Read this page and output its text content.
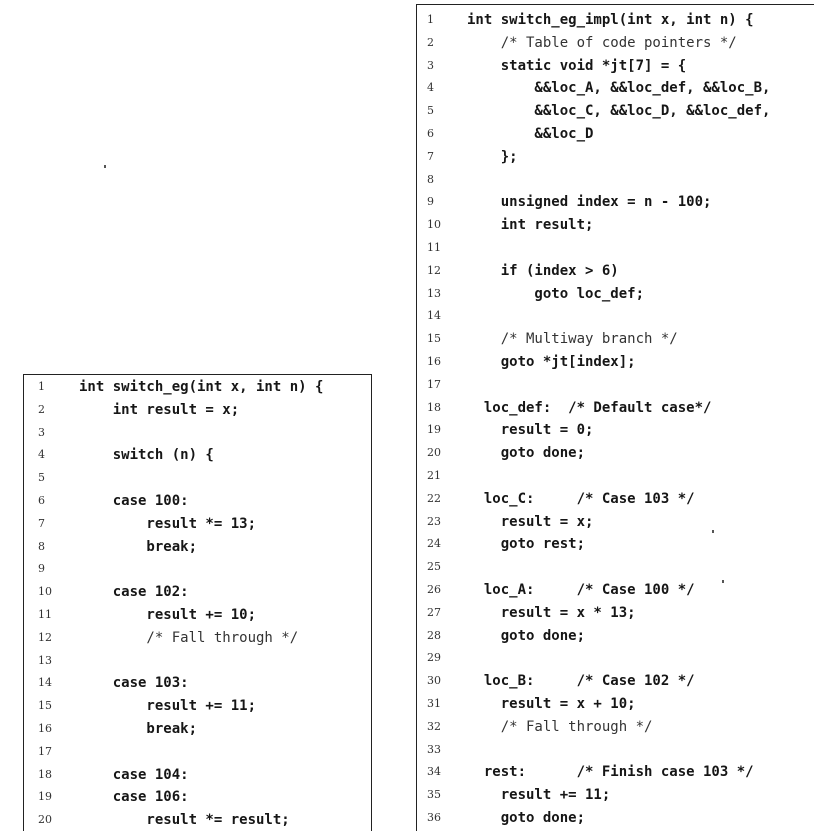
1 int switch_eg(int x, int n) {
2 int result = x;
3
4 switch (n) {
5
6 case 100:
7 result *= 13;
8 break;
9
10 case 102:
11 result += 10;
12 /* Fall through */
13
14 case 103:
15 result += 11;
16 break;
17
18 case 104:
19 case 106:
20 result *= result;
1 int switch_eg_impl(int x, int n) {
2 /* Table of code pointers */
3 static void *jt[7] = {
4 &&loc_A, &&loc_def, &&loc_B,
5 &&loc_C, &&loc_D, &&loc_def,
6 &&loc_D
7 };
8
9 unsigned index = n - 100;
10 int result;
11
12 if (index > 6)
13 goto loc_def;
14
15 /* Multiway branch */
16 goto *jt[index];
17
18 loc_def:  /* Default case*/
19 result = 0;
20 goto done;
21
22 loc_C:     /* Case 103 */
23 result = x;
24 goto rest;
25
26 loc_A:     /* Case 100 */
27 result = x * 13;
28 goto done;
29
30 loc_B:     /* Case 102 */
31 result = x + 10;
32 /* Fall through */
33
34 rest:      /* Finish case 103 */
35 result += 11;
36 goto done;
